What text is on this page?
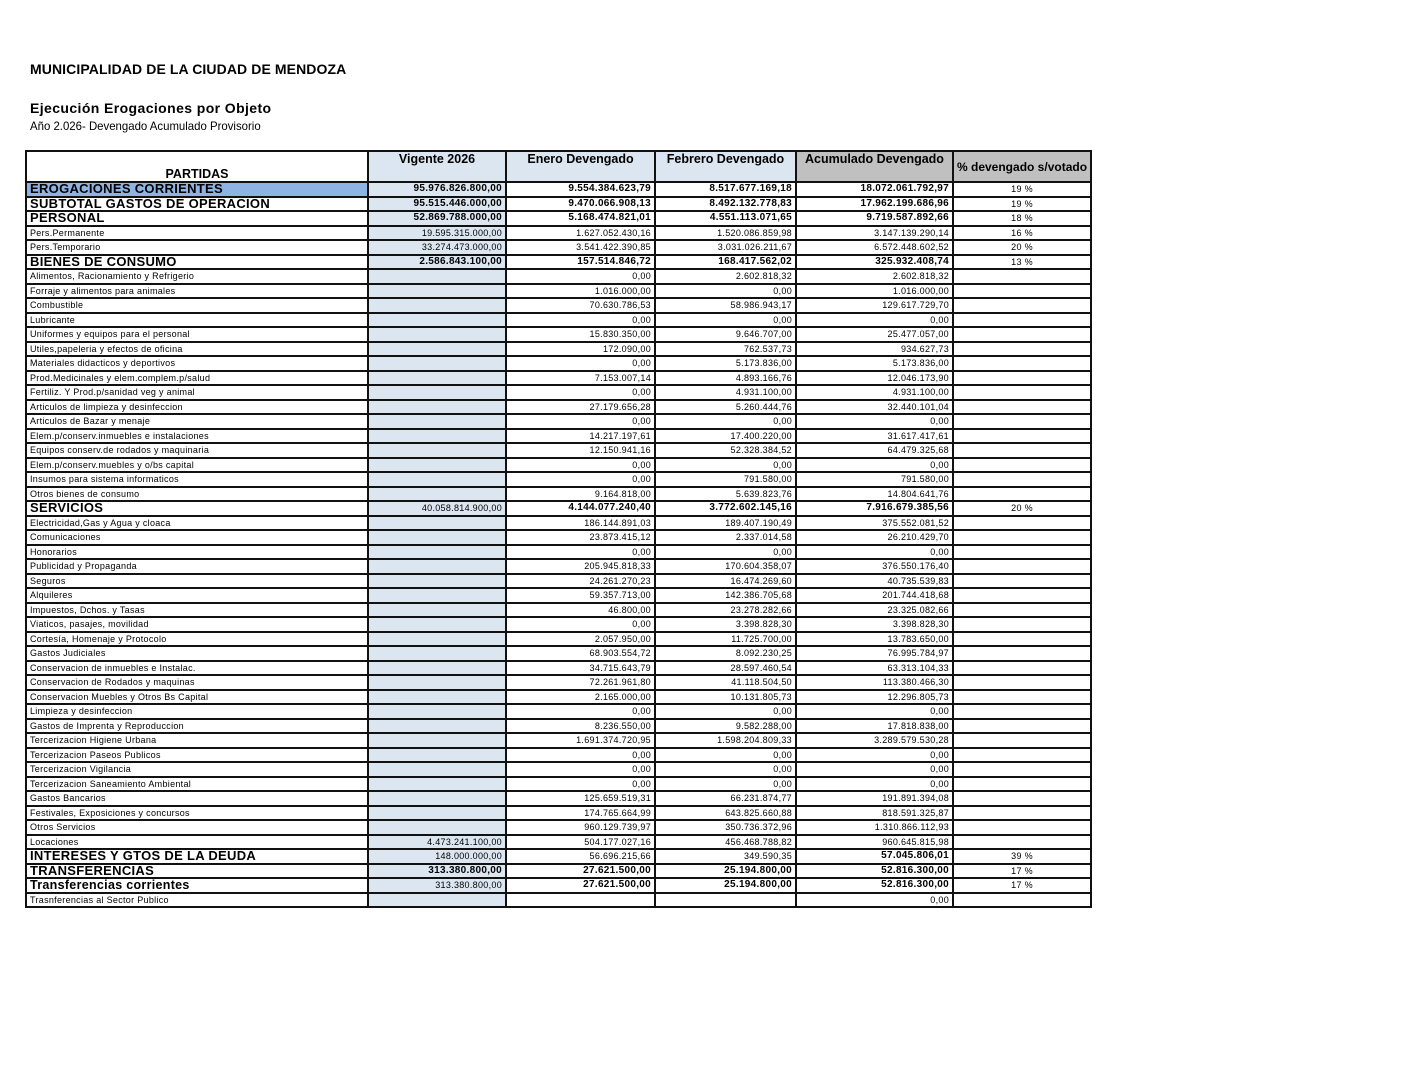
MUNICIPALIDAD DE LA CIUDAD DE MENDOZA
Ejecución Erogaciones por Objeto
Año 2.026- Devengado Acumulado Provisorio
PARTIDAS	Vigente 2026	Enero Devengado	Febrero Devengado	Acumulado Devengado	% devengado s/votado
EROGACIONES CORRIENTES	95.976.826.800,00	9.554.384.623,79	8.517.677.169,18	18.072.061.792,97	19 %
SUBTOTAL GASTOS DE OPERACION	95.515.446.000,00	9.470.066.908,13	8.492.132.778,83	17.962.199.686,96	19 %
PERSONAL	52.869.788.000,00	5.168.474.821,01	4.551.113.071,65	9.719.587.892,66	18 %
Pers.Permanente	19.595.315.000,00	1.627.052.430,16	1.520.086.859,98	3.147.139.290,14	16 %
Pers.Temporario	33.274.473.000,00	3.541.422.390,85	3.031.026.211,67	6.572.448.602,52	20 %
BIENES DE CONSUMO	2.586.843.100,00	157.514.846,72	168.417.562,02	325.932.408,74	13 %
Alimentos, Racionamiento y Refrigerio		0,00	2.602.818,32	2.602.818,32	
Forraje y alimentos para animales		1.016.000,00	0,00	1.016.000,00	
Combustible		70.630.786,53	58.986.943,17	129.617.729,70	
Lubricante		0,00	0,00	0,00	
Uniformes y equipos para el personal		15.830.350,00	9.646.707,00	25.477.057,00	
Utiles,papeleria y efectos de oficina		172.090,00	762.537,73	934.627,73	
Materiales didacticos y deportivos		0,00	5.173.836,00	5.173.836,00	
Prod.Medicinales y elem.complem.p/salud		7.153.007,14	4.893.166,76	12.046.173,90	
Fertiliz. Y Prod.p/sanidad veg y animal		0,00	4.931.100,00	4.931.100,00	
Articulos de limpieza y desinfeccion		27.179.656,28	5.260.444,76	32.440.101,04	
Articulos de Bazar y menaje		0,00	0,00	0,00	
Elem.p/conserv.inmuebles e instalaciones		14.217.197,61	17.400.220,00	31.617.417,61	
Equipos conserv.de rodados y maquinaria		12.150.941,16	52.328.384,52	64.479.325,68	
Elem.p/conserv.muebles y o/bs capital		0,00	0,00	0,00	
Insumos para sistema informaticos		0,00	791.580,00	791.580,00	
Otros bienes de consumo		9.164.818,00	5.639.823,76	14.804.641,76	
SERVICIOS	40.058.814.900,00	4.144.077.240,40	3.772.602.145,16	7.916.679.385,56	20 %
Electricidad,Gas y Agua y cloaca		186.144.891,03	189.407.190,49	375.552.081,52	
Comunicaciones		23.873.415,12	2.337.014,58	26.210.429,70	
Honorarios		0,00	0,00	0,00	
Publicidad y Propaganda		205.945.818,33	170.604.358,07	376.550.176,40	
Seguros		24.261.270,23	16.474.269,60	40.735.539,83	
Alquileres		59.357.713,00	142.386.705,68	201.744.418,68	
Impuestos, Dchos. y Tasas		46.800,00	23.278.282,66	23.325.082,66	
Viaticos, pasajes, movilidad		0,00	3.398.828,30	3.398.828,30	
Cortesía, Homenaje y Protocolo		2.057.950,00	11.725.700,00	13.783.650,00	
Gastos Judiciales		68.903.554,72	8.092.230,25	76.995.784,97	
Conservacion de inmuebles e Instalac.		34.715.643,79	28.597.460,54	63.313.104,33	
Conservacion de Rodados y maquinas		72.261.961,80	41.118.504,50	113.380.466,30	
Conservacion Muebles y Otros Bs Capital		2.165.000,00	10.131.805,73	12.296.805,73	
Limpieza y desinfeccion		0,00	0,00	0,00	
Gastos de Imprenta y Reproduccion		8.236.550,00	9.582.288,00	17.818.838,00	
Tercerizacion Higiene Urbana		1.691.374.720,95	1.598.204.809,33	3.289.579.530,28	
Tercerizacion Paseos Publicos		0,00	0,00	0,00	
Tercerizacion Vigilancia		0,00	0,00	0,00	
Tercerizacion Saneamiento Ambiental		0,00	0,00	0,00	
Gastos Bancarios		125.659.519,31	66.231.874,77	191.891.394,08	
Festivales, Exposiciones y concursos		174.765.664,99	643.825.660,88	818.591.325,87	
Otros Servicios		960.129.739,97	350.736.372,96	1.310.866.112,93	
Locaciones	4.473.241.100,00	504.177.027,16	456.468.788,82	960.645.815,98	
INTERESES Y GTOS DE LA DEUDA	148.000.000,00	56.696.215,66	349.590,35	57.045.806,01	39 %
TRANSFERENCIAS	313.380.800,00	27.621.500,00	25.194.800,00	52.816.300,00	17 %
Transferencias corrientes	313.380.800,00	27.621.500,00	25.194.800,00	52.816.300,00	17 %
Trasnferencias al Sector Publico				0,00	
